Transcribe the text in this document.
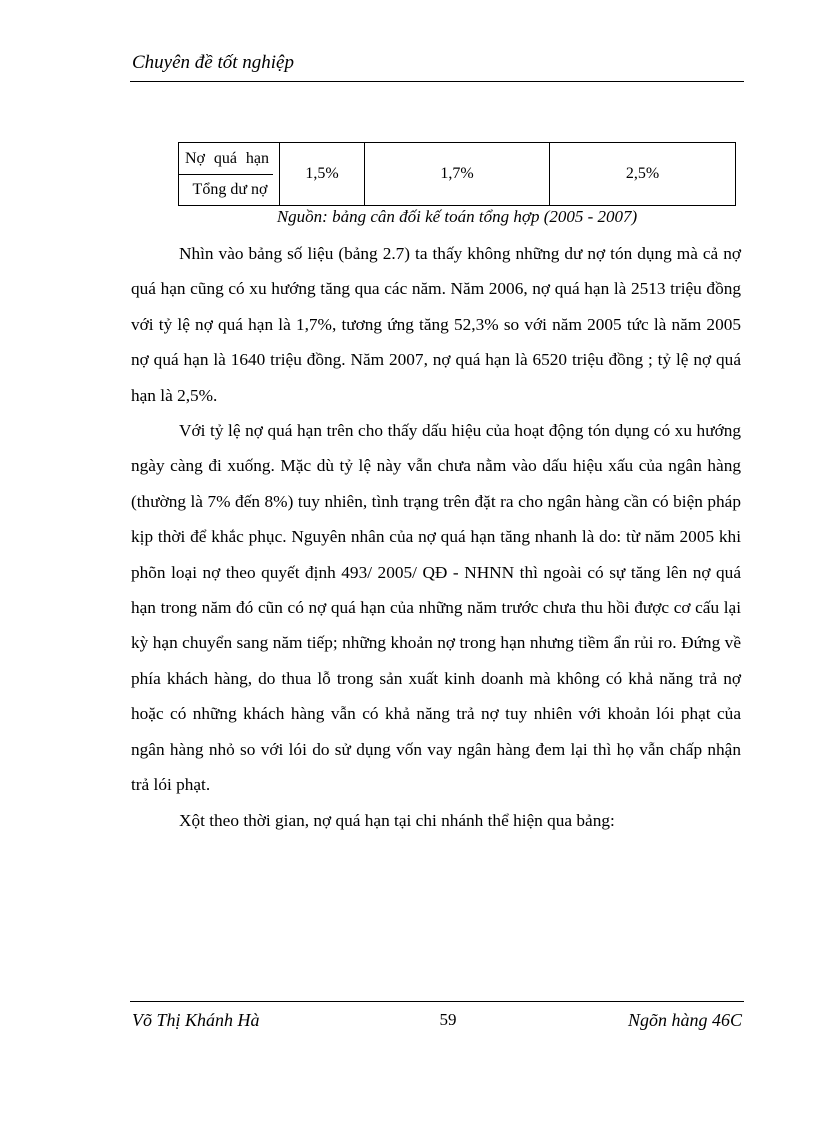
Chuyên đề tốt nghiệp
Nợ quá hạn
Tổng dư nợ
	1,5%	1,7%	2,5%
Nguồn: bảng cân đối kế toán tổng hợp (2005 - 2007)

Nhìn vào bảng số liệu (bảng 2.7) ta thấy không những dư nợ tón dụng mà cả nợ quá hạn cũng có xu hướng tăng qua các năm. Năm 2006, nợ quá hạn là 2513 triệu đồng với tỷ lệ nợ quá hạn là 1,7%, tương ứng tăng 52,3% so với năm 2005 tức là năm 2005 nợ quá hạn là 1640 triệu đồng. Năm 2007, nợ quá hạn là 6520 triệu đồng ; tỷ lệ nợ quá hạn là 2,5%.

Với tỷ lệ nợ quá hạn trên cho thấy dấu hiệu của hoạt động tón dụng có xu hướng ngày càng đi xuống. Mặc dù tỷ lệ này vẫn chưa nằm vào dấu hiệu xấu của ngân hàng (thường là 7% đến 8%) tuy nhiên, tình trạng trên đặt ra cho ngân hàng cần có biện pháp kịp thời để khắc phục. Nguyên nhân của nợ quá hạn tăng nhanh là do: từ năm 2005 khi phõn loại nợ theo quyết định 493/ 2005/ QĐ - NHNN thì ngoài có sự tăng lên nợ quá hạn trong năm đó cũn có nợ quá hạn của những năm trước chưa thu hồi được cơ cấu lại kỳ hạn chuyển sang năm tiếp; những khoản nợ trong hạn nhưng tiềm ẩn rủi ro. Đứng về phía khách hàng, do thua lỗ trong sản xuất kinh doanh mà không có khả năng trả nợ hoặc có những khách hàng vẫn có khả năng trả nợ tuy nhiên với khoản lói phạt của ngân hàng nhỏ so với lói do sử dụng vốn vay ngân hàng đem lại thì họ vẫn chấp nhận trả lói phạt.

Xột theo thời gian, nợ quá hạn tại chi nhánh thể hiện qua bảng:

Võ Thị Khánh Hà	59	Ngõn hàng 46C
